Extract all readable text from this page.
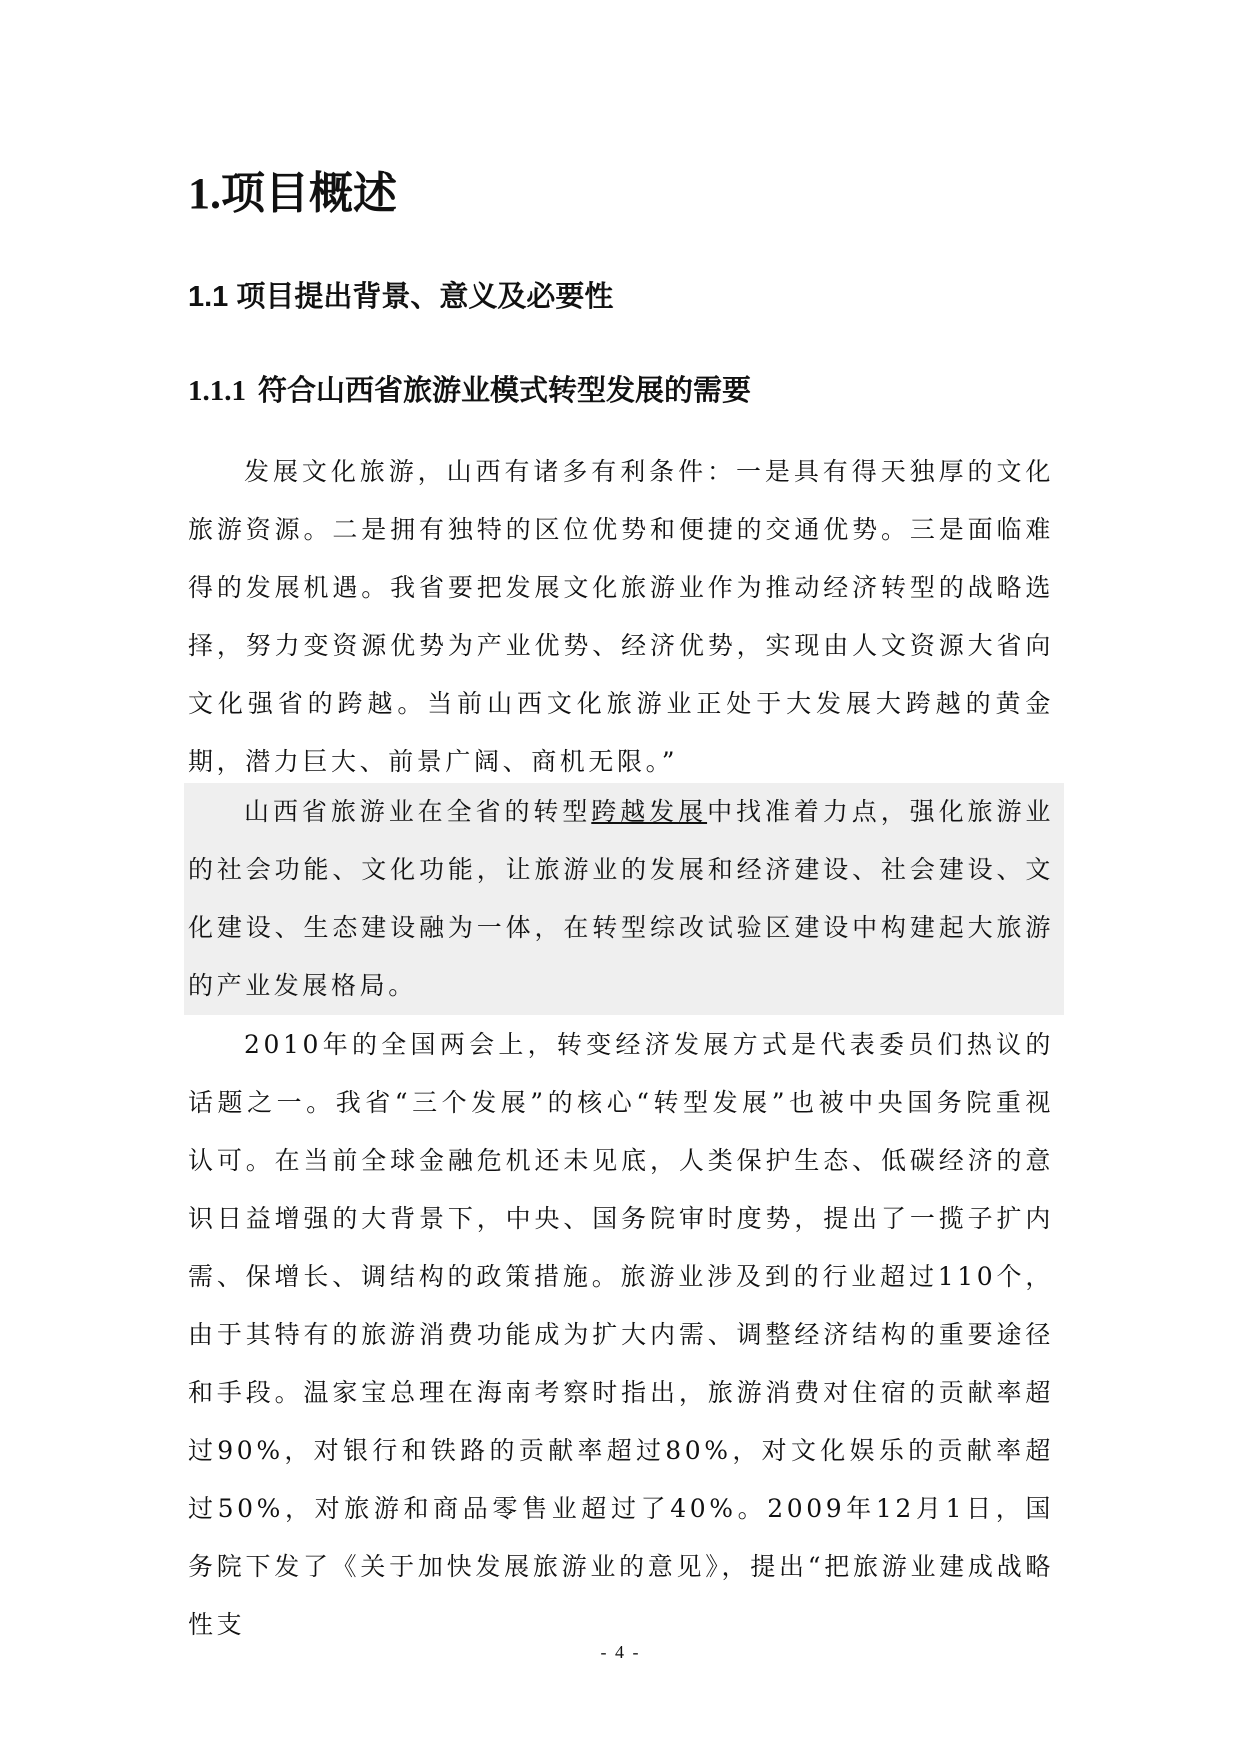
1.项目概述
1.1 项目提出背景、意义及必要性
1.1.1 符合山西省旅游业模式转型发展的需要

发展文化旅游，山西有诸多有利条件：一是具有得天独厚的文化旅游资源。二是拥有独特的区位优势和便捷的交通优势。三是面临难得的发展机遇。我省要把发展文化旅游业作为推动经济转型的战略选择，努力变资源优势为产业优势、经济优势，实现由人文资源大省向文化强省的跨越。当前山西文化旅游业正处于大发展大跨越的黄金期，潜力巨大、前景广阔、商机无限。”

山西省旅游业在全省的转型跨越发展中找准着力点，强化旅游业的社会功能、文化功能，让旅游业的发展和经济建设、社会建设、文化建设、生态建设融为一体，在转型综改试验区建设中构建起大旅游的产业发展格局。

2010年的全国两会上，转变经济发展方式是代表委员们热议的话题之一。我省“三个发展”的核心“转型发展”也被中央国务院重视认可。在当前全球金融危机还未见底，人类保护生态、低碳经济的意识日益增强的大背景下，中央、国务院审时度势，提出了一揽子扩内需、保增长、调结构的政策措施。旅游业涉及到的行业超过110个，由于其特有的旅游消费功能成为扩大内需、调整经济结构的重要途径和手段。温家宝总理在海南考察时指出，旅游消费对住宿的贡献率超过90%，对银行和铁路的贡献率超过80%，对文化娱乐的贡献率超过50%，对旅游和商品零售业超过了40%。2009年12月1日，国务院下发了《关于加快发展旅游业的意见》，提出“把旅游业建成战略性支

- 4 -
